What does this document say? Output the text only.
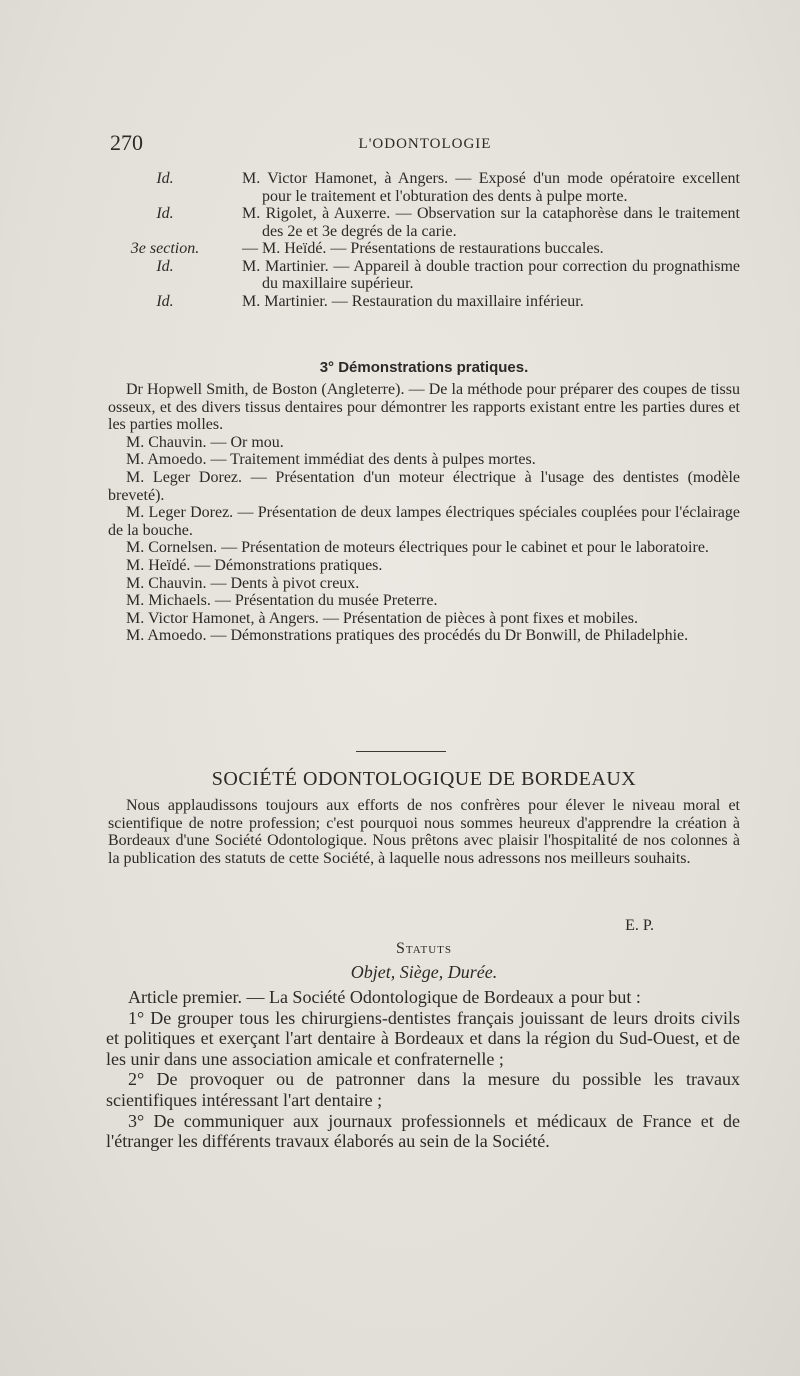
270	L'ODONTOLOGIE
Id.	M. Victor Hamonet, à Angers. — Exposé d'un mode opératoire excellent pour le traitement et l'obturation des dents à pulpe morte.
Id.	M. Rigolet, à Auxerre. — Observation sur la cataphorèse dans le traitement des 2e et 3e degrés de la carie.
3e section.	— M. Heïdé. — Présentations de restaurations buccales.
Id.	M. Martinier. — Appareil à double traction pour correction du prognathisme du maxillaire supérieur.
Id.	M. Martinier. — Restauration du maxillaire inférieur.
3° Démonstrations pratiques.

Dr Hopwell Smith, de Boston (Angleterre). — De la méthode pour préparer des coupes de tissu osseux, et des divers tissus dentaires pour démontrer les rapports existant entre les parties dures et les parties molles.

M. Chauvin. — Or mou.

M. Amoedo. — Traitement immédiat des dents à pulpes mortes.

M. Leger Dorez. — Présentation d'un moteur électrique à l'usage des dentistes (modèle breveté).

M. Leger Dorez. — Présentation de deux lampes électriques spéciales couplées pour l'éclairage de la bouche.

M. Cornelsen. — Présentation de moteurs électriques pour le cabinet et pour le laboratoire.

M. Heïdé. — Démonstrations pratiques.

M. Chauvin. — Dents à pivot creux.

M. Michaels. — Présentation du musée Preterre.

M. Victor Hamonet, à Angers. — Présentation de pièces à pont fixes et mobiles.

M. Amoedo. — Démonstrations pratiques des procédés du Dr Bonwill, de Philadelphie.

SOCIÉTÉ ODONTOLOGIQUE DE BORDEAUX

Nous applaudissons toujours aux efforts de nos confrères pour élever le niveau moral et scientifique de notre profession; c'est pourquoi nous sommes heureux d'apprendre la création à Bordeaux d'une Société Odontologique. Nous prêtons avec plaisir l'hospitalité de nos colonnes à la publication des statuts de cette Société, à laquelle nous adressons nos meilleurs souhaits.

E. P.
Statuts
Objet, Siège, Durée.

Article premier. — La Société Odontologique de Bordeaux a pour but :

1° De grouper tous les chirurgiens-dentistes français jouissant de leurs droits civils et politiques et exerçant l'art dentaire à Bordeaux et dans la région du Sud-Ouest, et de les unir dans une association amicale et confraternelle ;

2° De provoquer ou de patronner dans la mesure du possible les travaux scientifiques intéressant l'art dentaire ;

3° De communiquer aux journaux professionnels et médicaux de France et de l'étranger les différents travaux élaborés au sein de la Société.
